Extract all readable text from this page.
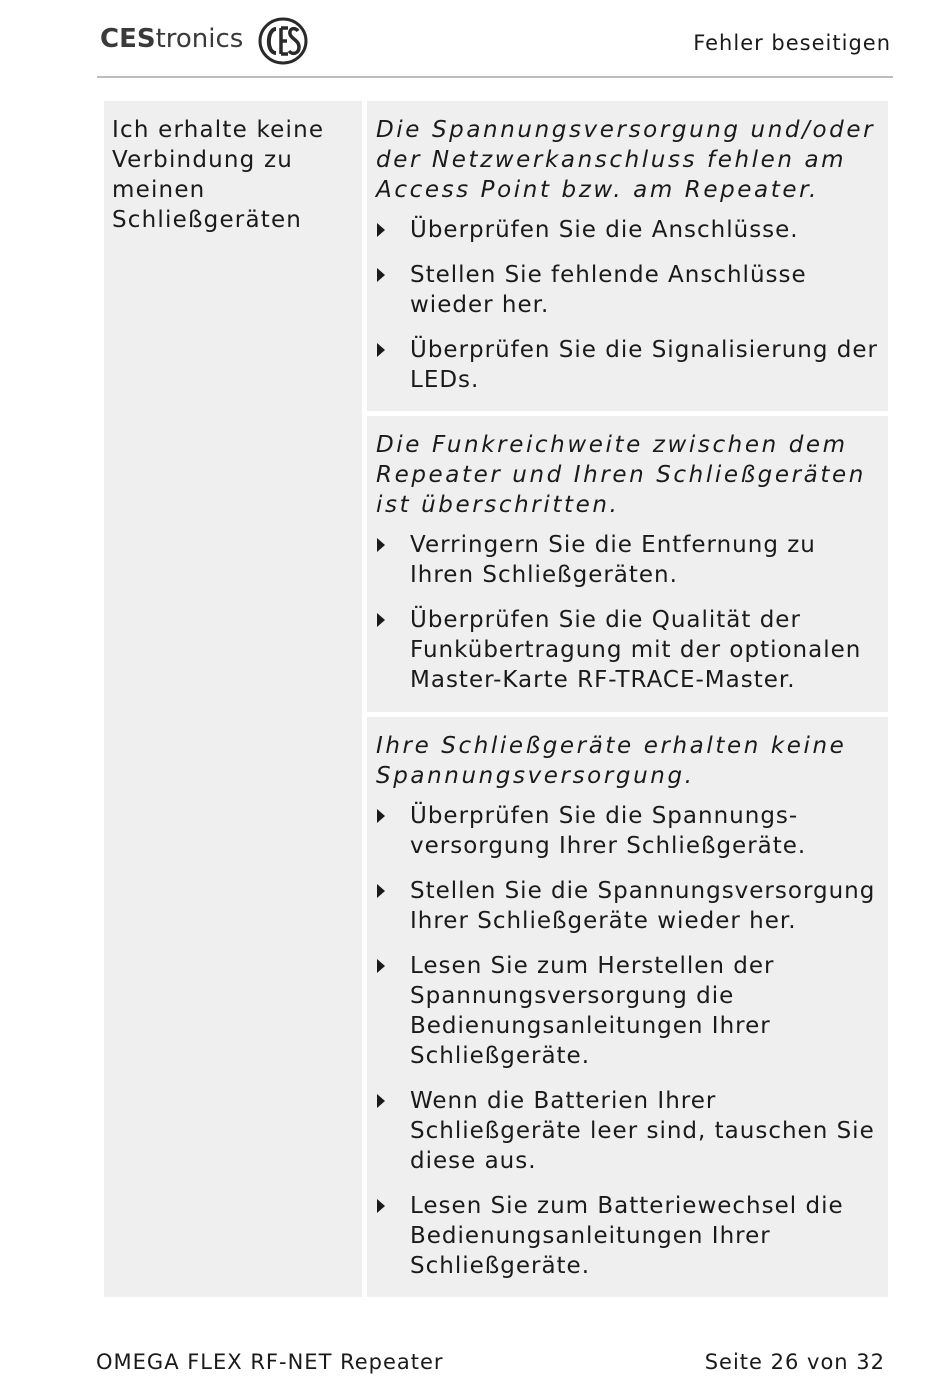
CEStronics	Fehler beseitigen
Ich erhalte keine Verbindung zu meinen Schließgeräten
Die Spannungsversorgung und/oder der Netzwerkanschluss fehlen am Access Point bzw. am Repeater.
Überprüfen Sie die Anschlüsse.
Stellen Sie fehlende Anschlüsse wieder her.
Überprüfen Sie die Signalisierung der LEDs.
Die Funkreichweite zwischen dem Repeater und Ihren Schließgeräten ist überschritten.
Verringern Sie die Entfernung zu Ihren Schließgeräten.
Überprüfen Sie die Qualität der Funkübertragung mit der optionalen Master-Karte RF-TRACE-Master.
Ihre Schließgeräte erhalten keine Spannungsversorgung.
Überprüfen Sie die Spannungs-versorgung Ihrer Schließgeräte.
Stellen Sie die Spannungsversorgung Ihrer Schließgeräte wieder her.
Lesen Sie zum Herstellen der Spannungsversorgung die Bedienungsanleitungen Ihrer Schließgeräte.
Wenn die Batterien Ihrer Schließgeräte leer sind, tauschen Sie diese aus.
Lesen Sie zum Batteriewechsel die Bedienungsanleitungen Ihrer Schließgeräte.
OMEGA FLEX RF-NET Repeater	Seite 26 von 32
